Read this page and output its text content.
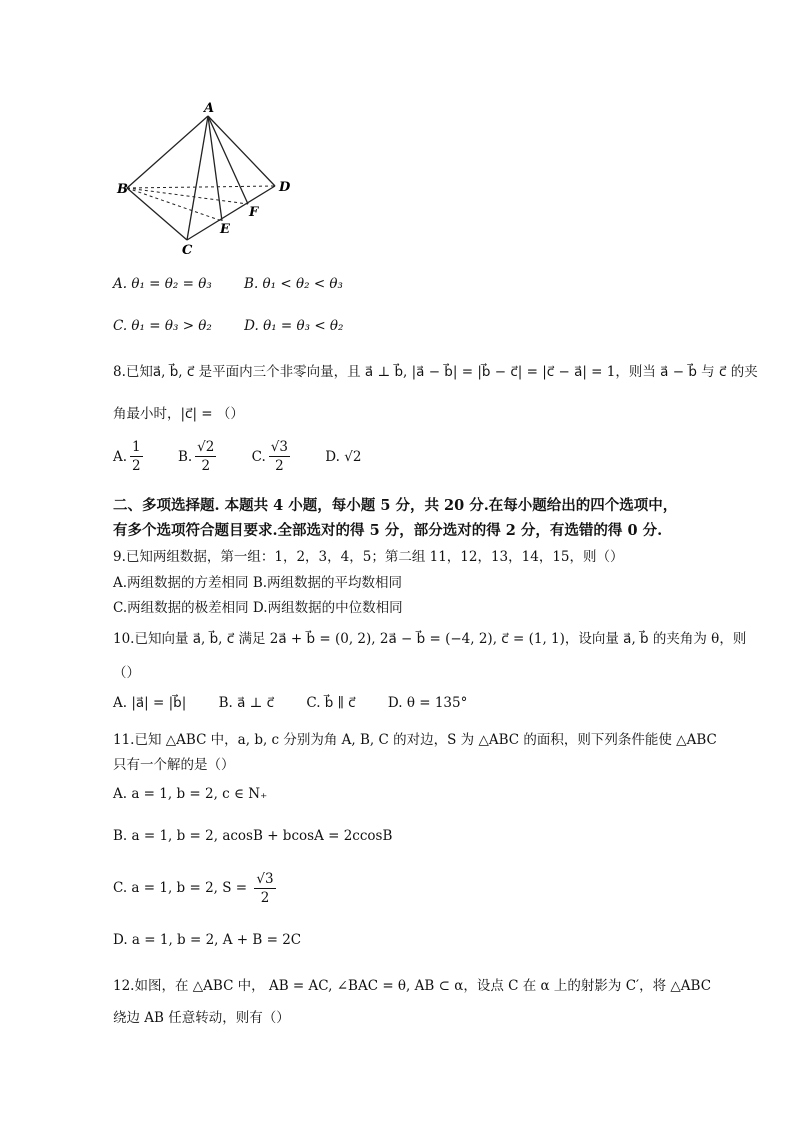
A
B
C
D
E
F
A. θ₁ = θ₂ = θ₃ B. θ₁ < θ₂ < θ₃
C. θ₁ = θ₃ > θ₂ D. θ₁ = θ₃ < θ₂
8.已知a⃗, b⃗, c⃗ 是平面内三个非零向量，且 a⃗ ⊥ b⃗, |a⃗ − b⃗| = |b⃗ − c⃗| = |c⃗ − a⃗| = 1，则当 a⃗ − b⃗ 与 c⃗ 的夹
角最小时，|c⃗| = （）
A. $\frac{1}{2}$
	B. $\frac{√2}{2}$
	C. $\frac{√3}{2}$
	D.
√2
二、多项选择题. 本题共 4 小题，每小题 5 分，共 20 分.在每小题给出的四个选项中，
有多个选项符合题目要求.全部选对的得 5 分，部分选对的得 2 分，有选错的得 0 分.
9.已知两组数据，第一组：1，2，3，4，5；第二组 11，12，13，14，15，则（）
A.两组数据的方差相同 B.两组数据的平均数相同
C.两组数据的极差相同 D.两组数据的中位数相同
10.已知向量 a⃗, b⃗, c⃗ 满足 2a⃗ + b⃗ = (0, 2), 2a⃗ − b⃗ = (−4, 2), c⃗ = (1, 1)，设向量 a⃗, b⃗ 的夹角为 θ，则
（）
A. |a⃗| = |b⃗| B. a⃗ ⊥ c⃗ C. b⃗ ∥ c⃗ D. θ = 135°
11.已知 △ABC 中，a, b, c 分别为角 A, B, C 的对边，S 为 △ABC 的面积，则下列条件能使 △ABC
只有一个解的是（）
A. a = 1, b = 2, c ∈ N₊
B. a = 1, b = 2, acosB + bcosA = 2ccosB
C. a = 1, b = 2, $S = \frac{√3}{2}$
D. a = 1, b = 2, A + B = 2C
12.如图，在 △ABC 中， AB = AC, ∠BAC = θ, AB ⊂ α，设点 C 在 α 上的射影为 C′，将 △ABC
绕边 AB 任意转动，则有（）
